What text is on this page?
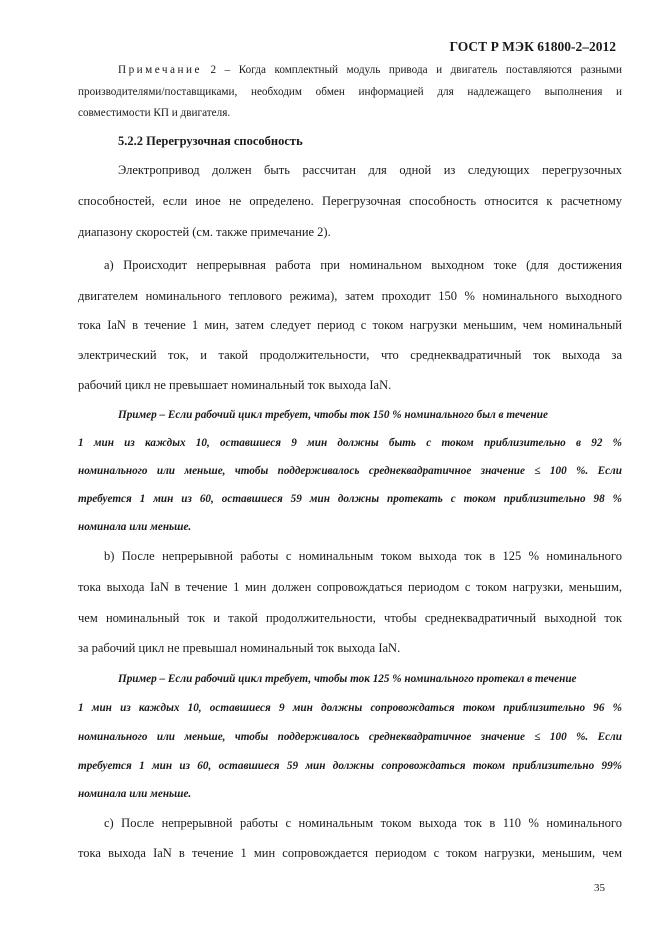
ГОСТ Р МЭК 61800-2–2012
Примечание 2 – Когда комплектный модуль привода и двигатель поставляются разными
производителями/поставщиками, необходим обмен информацией для надлежащего выполнения и
совместимости КП и двигателя.
5.2.2 Перегрузочная способность
Электропривод должен быть рассчитан для одной из следующих перегрузочных
способностей, если иное не определено. Перегрузочная способность относится к расчетному
диапазону скоростей (см. также примечание 2).
a) Происходит непрерывная работа при номинальном выходном токе (для достижения
двигателем номинального теплового режима), затем проходит 150 % номинального выходного
тока IaN в течение 1 мин, затем следует период с током нагрузки меньшим, чем номинальный
электрический ток, и такой продолжительности, что среднеквадратичный ток выхода за
рабочий цикл не превышает номинальный ток выхода IaN.
Пример – Если рабочий цикл требует, чтобы ток 150 % номинального был в течение
1 мин из каждых 10, оставшиеся 9 мин должны быть с током приблизительно в 92 %
номинального или меньше, чтобы поддерживалось среднеквадратичное значение ≤ 100 %. Если
требуется 1 мин из 60, оставшиеся 59 мин должны протекать с током приблизительно 98 %
номинала или меньше.
b) После непрерывной работы с номинальным током выхода ток в 125 % номинального
тока выхода IaN в течение 1 мин должен сопровождаться периодом с током нагрузки, меньшим,
чем номинальный ток и такой продолжительности, чтобы среднеквадратичный выходной ток
за рабочий цикл не превышал номинальный ток выхода IaN.
Пример – Если рабочий цикл требует, чтобы ток 125 % номинального протекал в течение
1 мин из каждых 10, оставшиеся 9 мин должны сопровождаться током приблизительно 96 %
номинального или меньше, чтобы поддерживалось среднеквадратичное значение ≤ 100 %. Если
требуется 1 мин из 60, оставшиеся 59 мин должны сопровождаться током приблизительно 99%
номинала или меньше.
c) После непрерывной работы с номинальным током выхода ток в 110 % номинального
тока выхода IaN в течение 1 мин сопровождается периодом с током нагрузки, меньшим, чем
35
